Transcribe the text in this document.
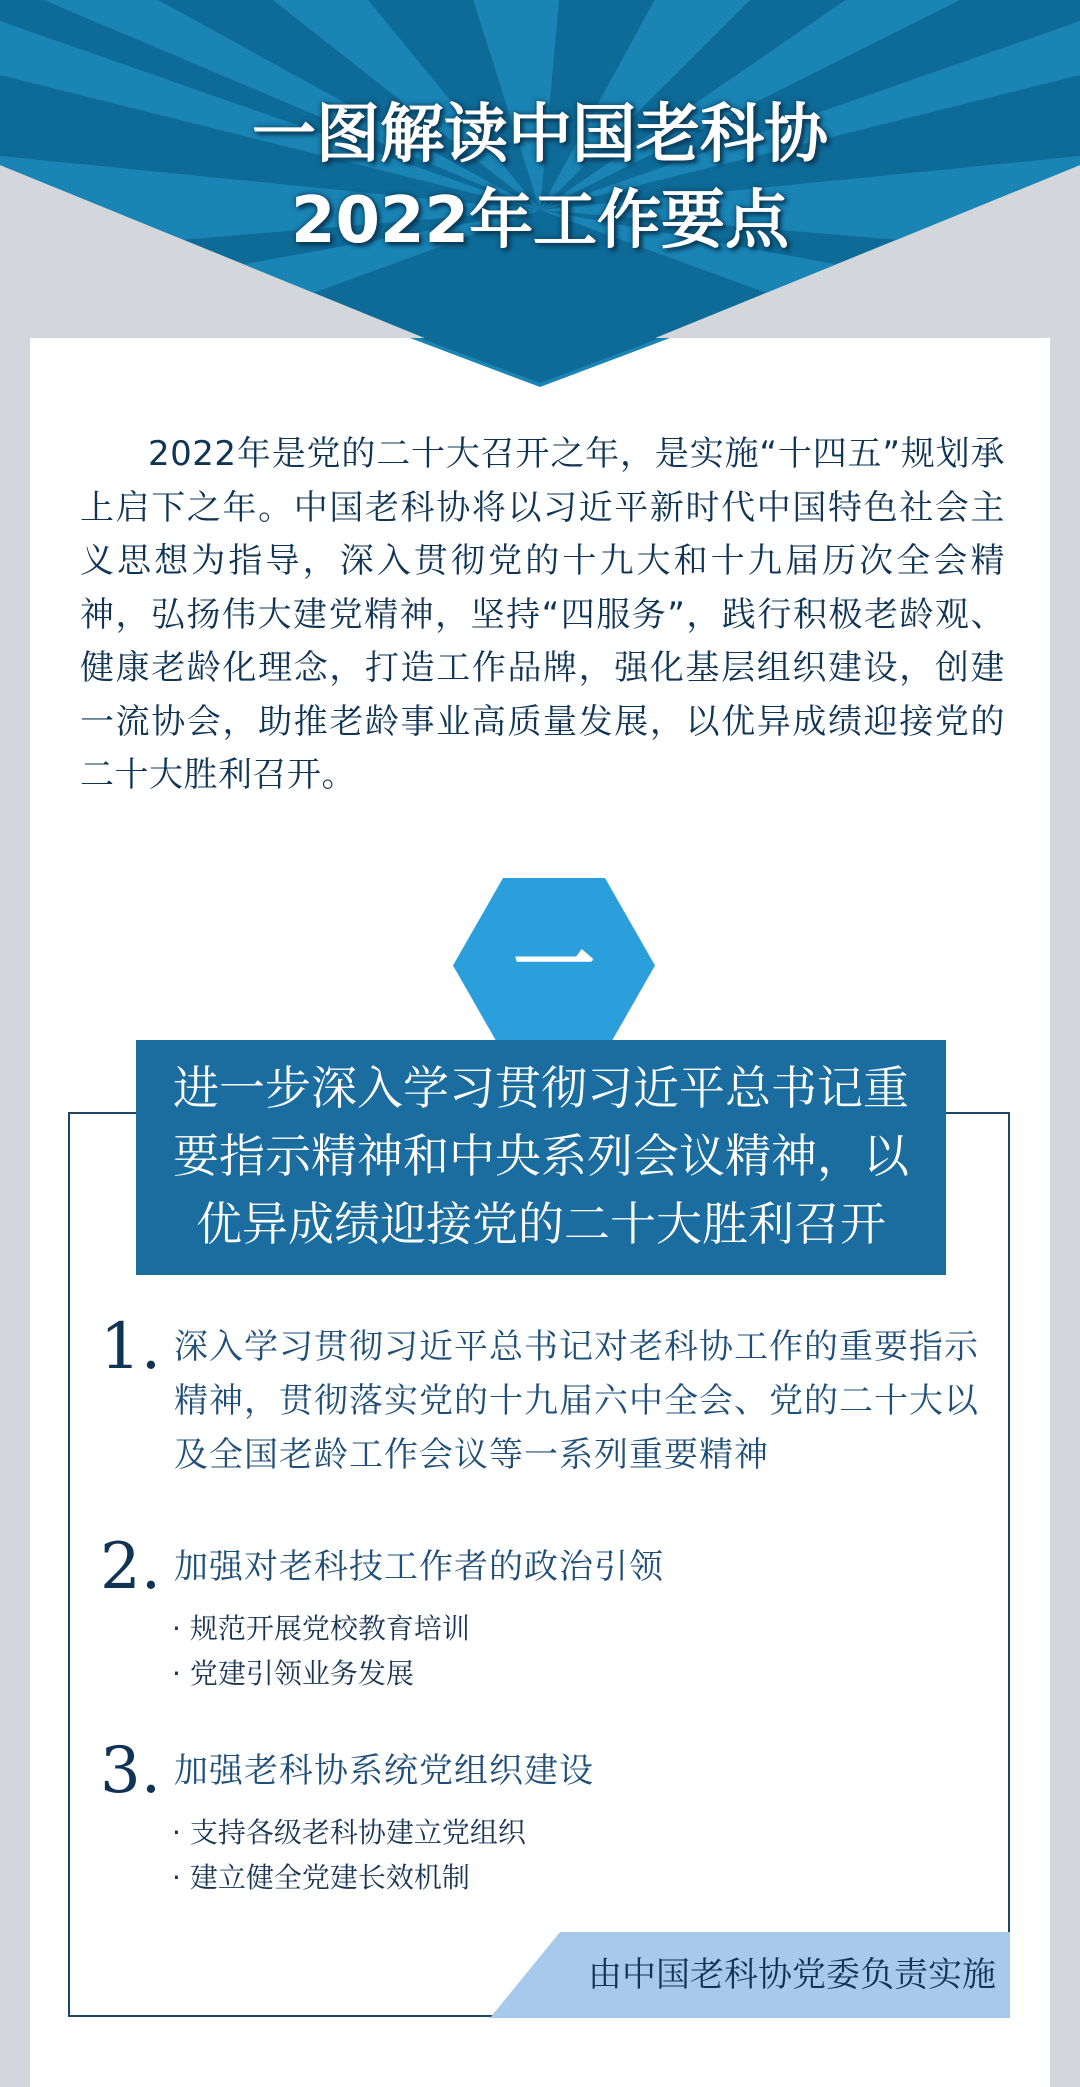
一图解读中国老科协
2022年工作要点
2022年是党的二十大召开之年，是实施“十四五”规划承上启下之年。中国老科协将以习近平新时代中国特色社会主义思想为指导，深入贯彻党的十九大和十九届历次全会精神，弘扬伟大建党精神，坚持“四服务”，践行积极老龄观、健康老龄化理念，打造工作品牌，强化基层组织建设，创建一流协会，助推老龄事业高质量发展，以优异成绩迎接党的二十大胜利召开。
一
进一步深入学习贯彻习近平总书记重
要指示精神和中央系列会议精神，以
优异成绩迎接党的二十大胜利召开
1. 深入学习贯彻习近平总书记对老科协工作的重要指示精神，贯彻落实党的十九届六中全会、党的二十大以及全国老龄工作会议等一系列重要精神
2. 加强对老科技工作者的政治引领
· 规范开展党校教育培训
· 党建引领业务发展
3. 加强老科协系统党组织建设
· 支持各级老科协建立党组织
· 建立健全党建长效机制
由中国老科协党委负责实施
